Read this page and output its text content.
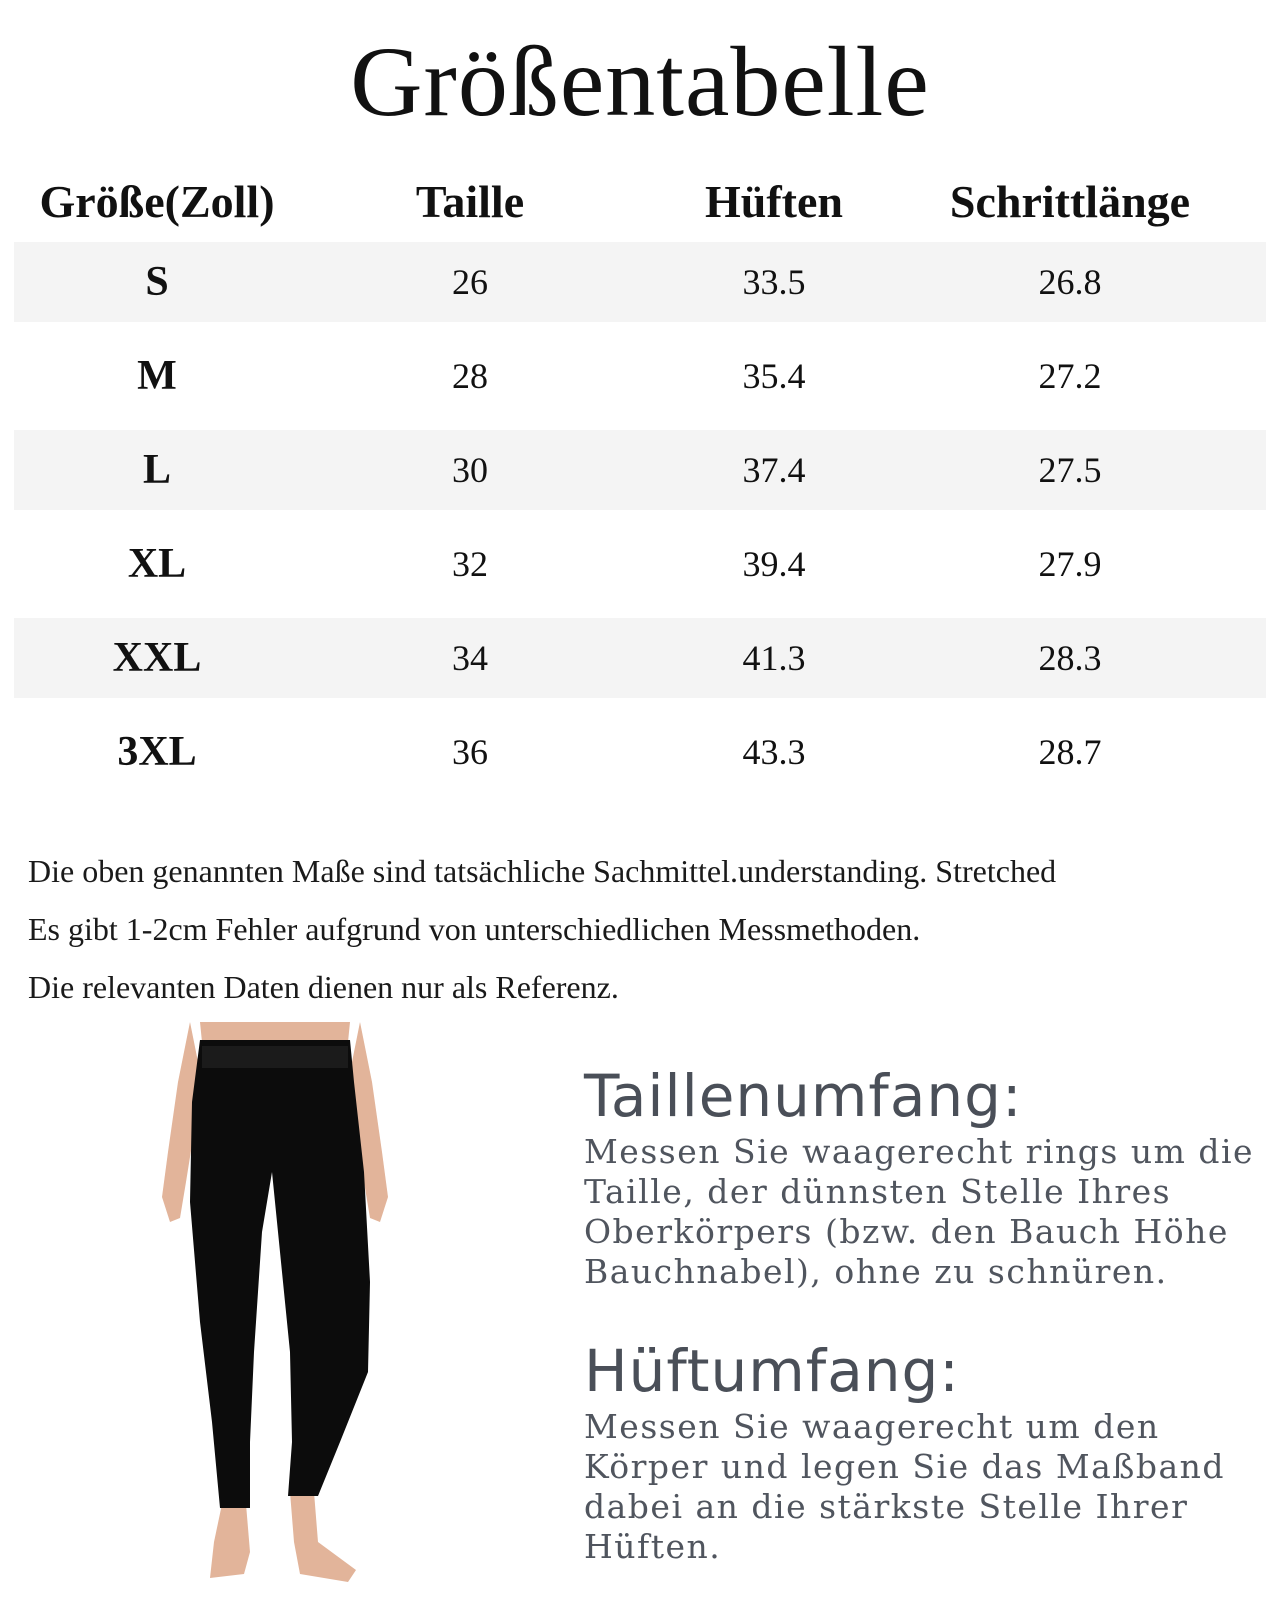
Größentabelle
Größe(Zoll)	Taille	Hüften	Schrittlänge
S	26	33.5	26.8
M	28	35.4	27.2
L	30	37.4	27.5
XL	32	39.4	27.9
XXL	34	41.3	28.3
3XL	36	43.3	28.7
Die oben genannten Maße sind tatsächliche Sachmittel.understanding. Stretched
Es gibt 1-2cm Fehler aufgrund von unterschiedlichen Messmethoden.
Die relevanten Daten dienen nur als Referenz.
Taillenumfang:

Messen Sie waagerecht rings um die

Taille, der dünnsten Stelle Ihres

Oberkörpers (bzw. den Bauch Höhe

Bauchnabel), ohne zu schnüren.

Hüftumfang:

Messen Sie waagerecht um den

Körper und legen Sie das Maßband

dabei an die stärkste Stelle Ihrer

Hüften.
